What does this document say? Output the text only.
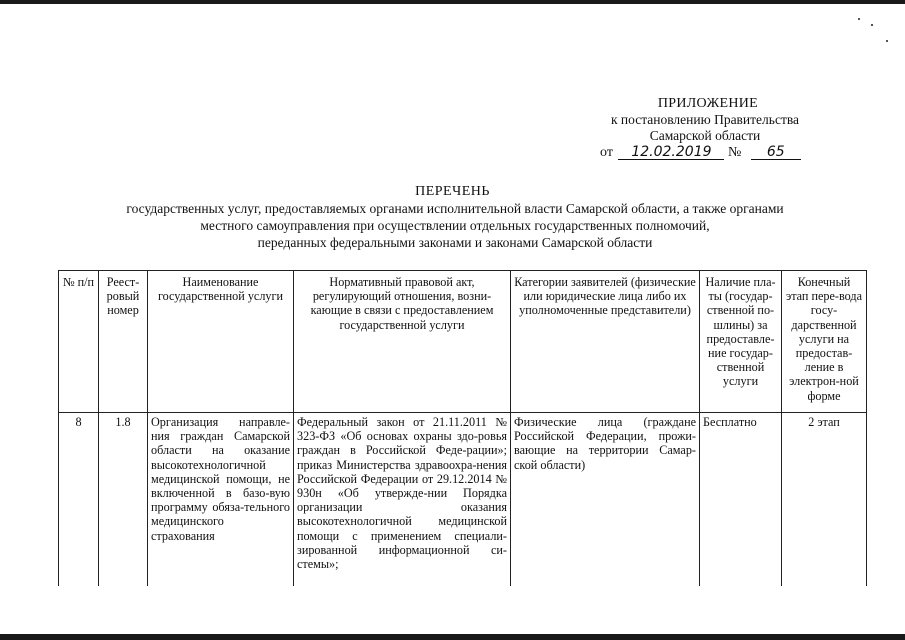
ПРИЛОЖЕНИЕ
к постановлению Правительства
Самарской области
от 12.02.2019 № 65
ПЕРЕЧЕНЬ
государственных услуг, предоставляемых органами исполнительной власти Самарской области, а также органами
местного самоуправления при осуществлении отдельных государственных полномочий,
переданных федеральными законами и законами Самарской области
№ п/п	Реест-ровый номер	Наименование государственной услуги	Нормативный правовой акт, регулирующий отношения, возни-кающие в связи с предоставлением государственной услуги	Категории заявителей (физические или юридические лица либо их уполномоченные представители)	Наличие пла-ты (государ-ственной по-шлины) за предоставле-ние государ-ственной услуги	Конечный этап пере-вода госу-дарственной услуги на предостав-ление в электрон-ной форме
8	1.8	Организация направле-ния граждан Самарской области на оказание высокотехнологичной медицинской помощи, не включенной в базо-вую программу обяза-тельного медицинского страхования	Федеральный закон от 21.11.2011 № 323-ФЗ «Об основах охраны здо-ровья граждан в Российской Феде-рации»; приказ Министерства здравоохра-нения Российской Федерации от 29.12.2014 № 930н «Об утвержде-нии Порядка организации оказания высокотехнологичной медицинской помощи с применением специали-зированной информационной си-стемы»;	Физические лица (граждане Российской Федерации, прожи-вающие на территории Самар-ской области)	Бесплатно	2 этап
